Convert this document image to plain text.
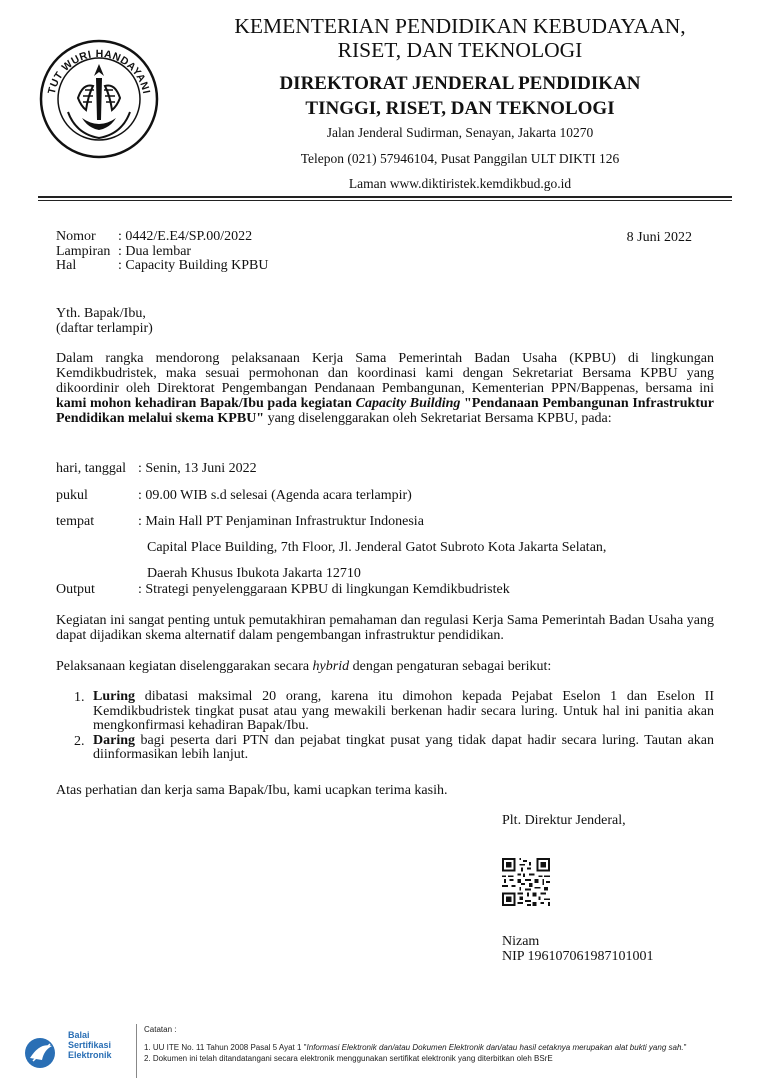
TUT WURI HANDAYANI
KEMENTERIAN PENDIDIKAN KEBUDAYAAN,
RISET, DAN TEKNOLOGI
DIREKTORAT JENDERAL PENDIDIKAN
TINGGI, RISET, DAN TEKNOLOGI
Jalan Jenderal Sudirman, Senayan, Jakarta 10270
Telepon (021) 57946104, Pusat Panggilan ULT DIKTI 126
Laman www.diktiristek.kemdikbud.go.id
Nomor	: 0442/E.E4/SP.00/2022
Lampiran : Dua lembar
Hal	: Capacity Building KPBU
8 Juni 2022
Yth. Bapak/Ibu,
(daftar terlampir)
Dalam rangka mendorong pelaksanaan Kerja Sama Pemerintah Badan Usaha (KPBU) di lingkungan Kemdikbudristek, maka sesuai permohonan dan koordinasi kami dengan Sekretariat Bersama KPBU yang dikoordinir oleh Direktorat Pengembangan Pendanaan Pembangunan, Kementerian PPN/Bappenas, bersama ini kami mohon kehadiran Bapak/Ibu pada kegiatan Capacity Building "Pendanaan Pembangunan Infrastruktur Pendidikan melalui skema KPBU" yang diselenggarakan oleh Sekretariat Bersama KPBU, pada:
hari, tanggal : Senin, 13 Juni 2022
pukul	: 09.00 WIB s.d selesai (Agenda acara terlampir)
tempat	: Main Hall PT Penjaminan Infrastruktur Indonesia
Capital Place Building, 7th Floor, Jl. Jenderal Gatot Subroto Kota Jakarta Selatan,
Daerah Khusus Ibukota Jakarta 12710
Output	: Strategi penyelenggaraan KPBU di lingkungan Kemdikbudristek
Kegiatan ini sangat penting untuk pemutakhiran pemahaman dan regulasi Kerja Sama Pemerintah Badan Usaha yang dapat dijadikan skema alternatif dalam pengembangan infrastruktur pendidikan.
Pelaksanaan kegiatan diselenggarakan secara hybrid dengan pengaturan sebagai berikut:
1. Luring dibatasi maksimal 20 orang, karena itu dimohon kepada Pejabat Eselon 1 dan Eselon II Kemdikbudristek tingkat pusat atau yang mewakili berkenan hadir secara luring. Untuk hal ini panitia akan mengkonfirmasi kehadiran Bapak/Ibu.
2. Daring bagi peserta dari PTN dan pejabat tingkat pusat yang tidak dapat hadir secara luring. Tautan akan diinformasikan lebih lanjut.
Atas perhatian dan kerja sama Bapak/Ibu, kami ucapkan terima kasih.
Plt. Direktur Jenderal,
Nizam
NIP 196107061987101001
Balai
Sertifikasi
Elektronik
Catatan :
1. UU ITE No. 11 Tahun 2008 Pasal 5 Ayat 1 "Informasi Elektronik dan/atau Dokumen Elektronik dan/atau hasil cetaknya merupakan alat bukti yang sah."
2. Dokumen ini telah ditandatangani secara elektronik menggunakan sertifikat elektronik yang diterbitkan oleh BSrE
